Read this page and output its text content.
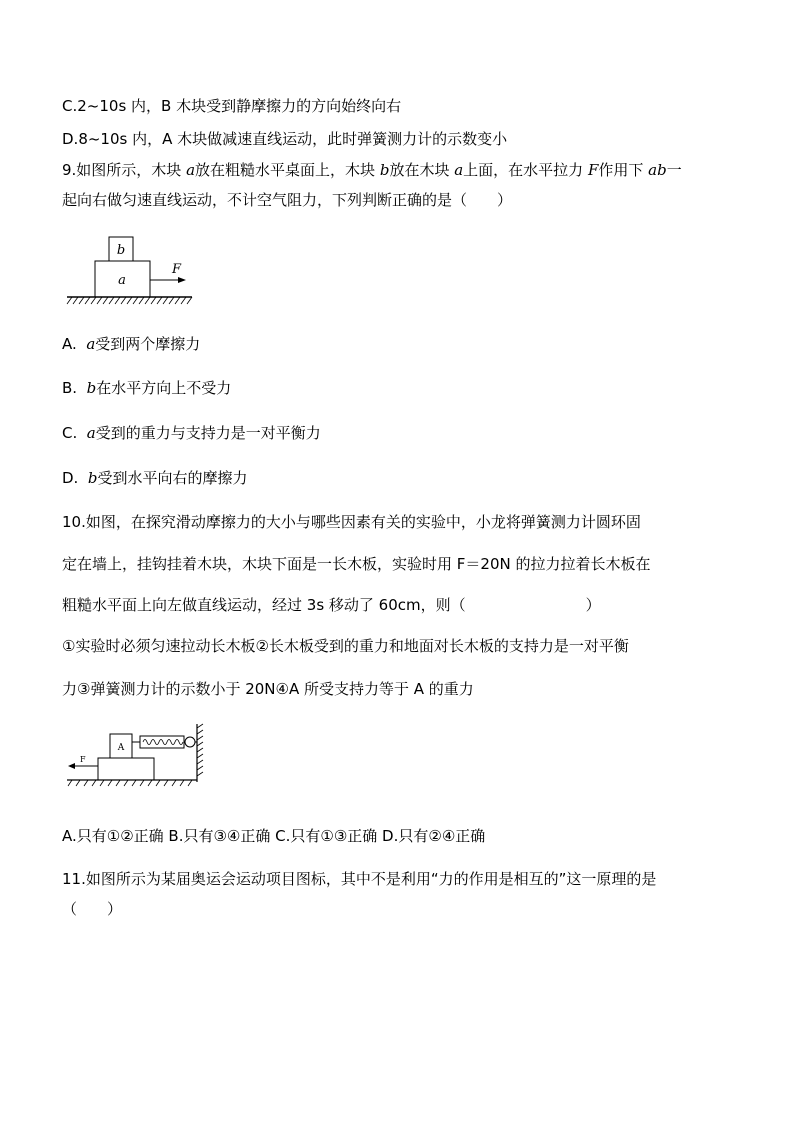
C.2~10s 内，B 木块受到静摩擦力的方向始终向右
D.8~10s 内，A 木块做减速直线运动，此时弹簧测力计的示数变小
9.如图所示，木块 a放在粗糙水平桌面上，木块 b放在木块 a上面，在水平拉力 F作用下 ab一
起向右做匀速直线运动，不计空气阻力，下列判断正确的是（　　）
b
a
F
A. a受到两个摩擦力
B. b在水平方向上不受力
C. a受到的重力与支持力是一对平衡力
D. b受到水平向右的摩擦力
10.如图，在探究滑动摩擦力的大小与哪些因素有关的实验中，小龙将弹簧测力计圆环固
定在墙上，挂钩挂着木块，木块下面是一长木板，实验时用 F＝20N 的拉力拉着长木板在
粗糙水平面上向左做直线运动，经过 3s 移动了 60cm，则（　　　　　　　　）
①实验时必须匀速拉动长木板②长木板受到的重力和地面对长木板的支持力是一对平衡
力③弹簧测力计的示数小于 20N④A 所受支持力等于 A 的重力
A
F
A.只有①②正确 B.只有③④正确 C.只有①③正确 D.只有②④正确
11.如图所示为某届奥运会运动项目图标，其中不是利用“力的作用是相互的”这一原理的是
（　　）
